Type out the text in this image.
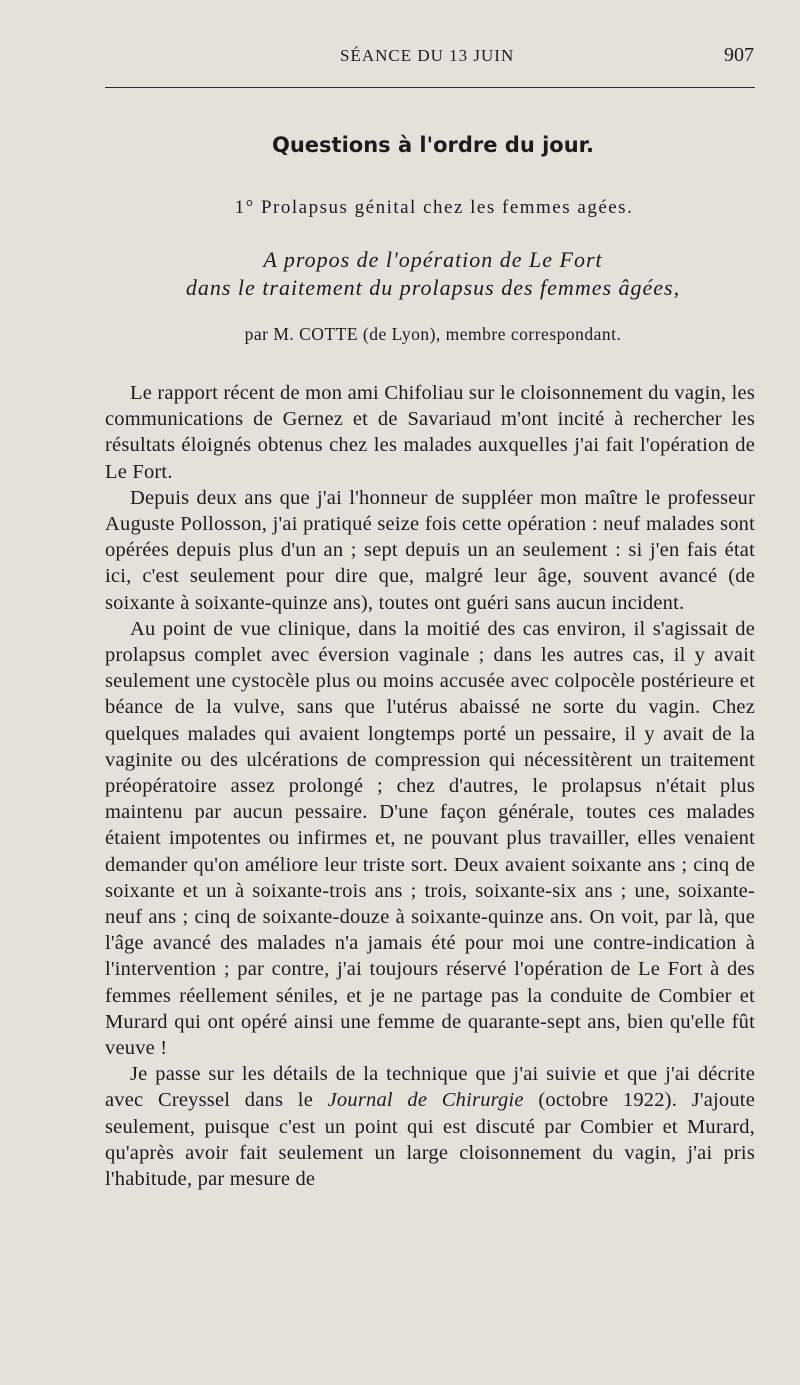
SÉANCE DU 13 JUIN	907
Questions à l'ordre du jour.
1° Prolapsus génital chez les femmes agées.
A propos de l'opération de Le Fort
dans le traitement du prolapsus des femmes âgées,
par M. COTTE (de Lyon), membre correspondant.

Le rapport récent de mon ami Chifoliau sur le cloisonnement du vagin, les communications de Gernez et de Savariaud m'ont incité à rechercher les résultats éloignés obtenus chez les malades auxquelles j'ai fait l'opération de Le Fort.

Depuis deux ans que j'ai l'honneur de suppléer mon maître le professeur Auguste Pollosson, j'ai pratiqué seize fois cette opération : neuf malades sont opérées depuis plus d'un an ; sept depuis un an seulement : si j'en fais état ici, c'est seulement pour dire que, malgré leur âge, souvent avancé (de soixante à soixante-quinze ans), toutes ont guéri sans aucun incident.

Au point de vue clinique, dans la moitié des cas environ, il s'agissait de prolapsus complet avec éversion vaginale ; dans les autres cas, il y avait seulement une cystocèle plus ou moins accusée avec colpocèle postérieure et béance de la vulve, sans que l'utérus abaissé ne sorte du vagin. Chez quelques malades qui avaient longtemps porté un pessaire, il y avait de la vaginite ou des ulcérations de compression qui nécessitèrent un traitement préopératoire assez prolongé ; chez d'autres, le prolapsus n'était plus maintenu par aucun pessaire. D'une façon générale, toutes ces malades étaient impotentes ou infirmes et, ne pouvant plus travailler, elles venaient demander qu'on améliore leur triste sort. Deux avaient soixante ans ; cinq de soixante et un à soixante-trois ans ; trois, soixante-six ans ; une, soixante-neuf ans ; cinq de soixante-douze à soixante-quinze ans. On voit, par là, que l'âge avancé des malades n'a jamais été pour moi une contre-indication à l'intervention ; par contre, j'ai toujours réservé l'opération de Le Fort à des femmes réellement séniles, et je ne partage pas la conduite de Combier et Murard qui ont opéré ainsi une femme de quarante-sept ans, bien qu'elle fût veuve !

Je passe sur les détails de la technique que j'ai suivie et que j'ai décrite avec Creyssel dans le Journal de Chirurgie (octobre 1922). J'ajoute seulement, puisque c'est un point qui est discuté par Combier et Murard, qu'après avoir fait seulement un large cloisonnement du vagin, j'ai pris l'habitude, par mesure de
